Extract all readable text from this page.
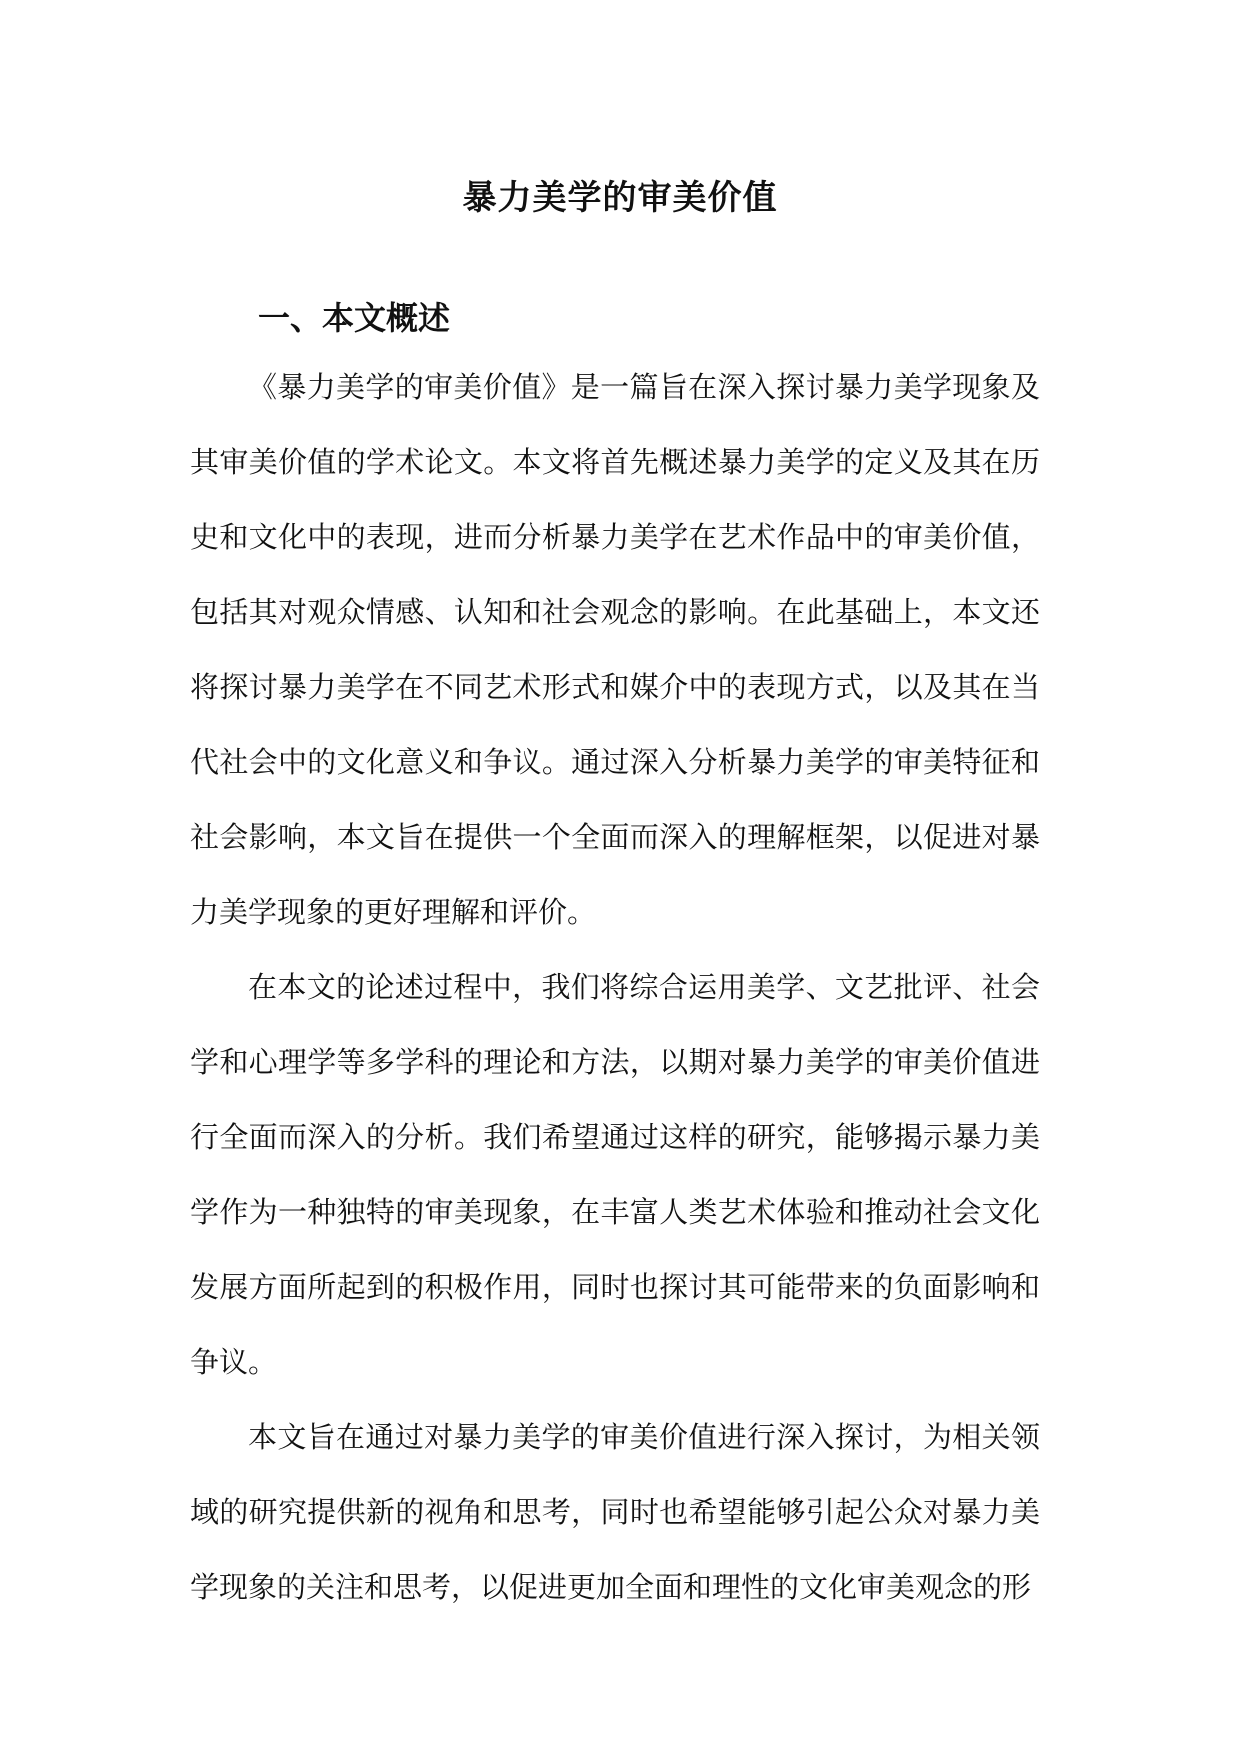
暴力美学的审美价值
一、本文概述

《暴力美学的审美价值》是一篇旨在深入探讨暴力美学现象及其审美价值的学术论文。本文将首先概述暴力美学的定义及其在历史和文化中的表现，进而分析暴力美学在艺术作品中的审美价值，包括其对观众情感、认知和社会观念的影响。在此基础上，本文还将探讨暴力美学在不同艺术形式和媒介中的表现方式，以及其在当代社会中的文化意义和争议。通过深入分析暴力美学的审美特征和社会影响，本文旨在提供一个全面而深入的理解框架，以促进对暴力美学现象的更好理解和评价。

在本文的论述过程中，我们将综合运用美学、文艺批评、社会学和心理学等多学科的理论和方法，以期对暴力美学的审美价值进行全面而深入的分析。我们希望通过这样的研究，能够揭示暴力美学作为一种独特的审美现象，在丰富人类艺术体验和推动社会文化发展方面所起到的积极作用，同时也探讨其可能带来的负面影响和争议。

本文旨在通过对暴力美学的审美价值进行深入探讨，为相关领域的研究提供新的视角和思考，同时也希望能够引起公众对暴力美学现象的关注和思考，以促进更加全面和理性的文化审美观念的形
